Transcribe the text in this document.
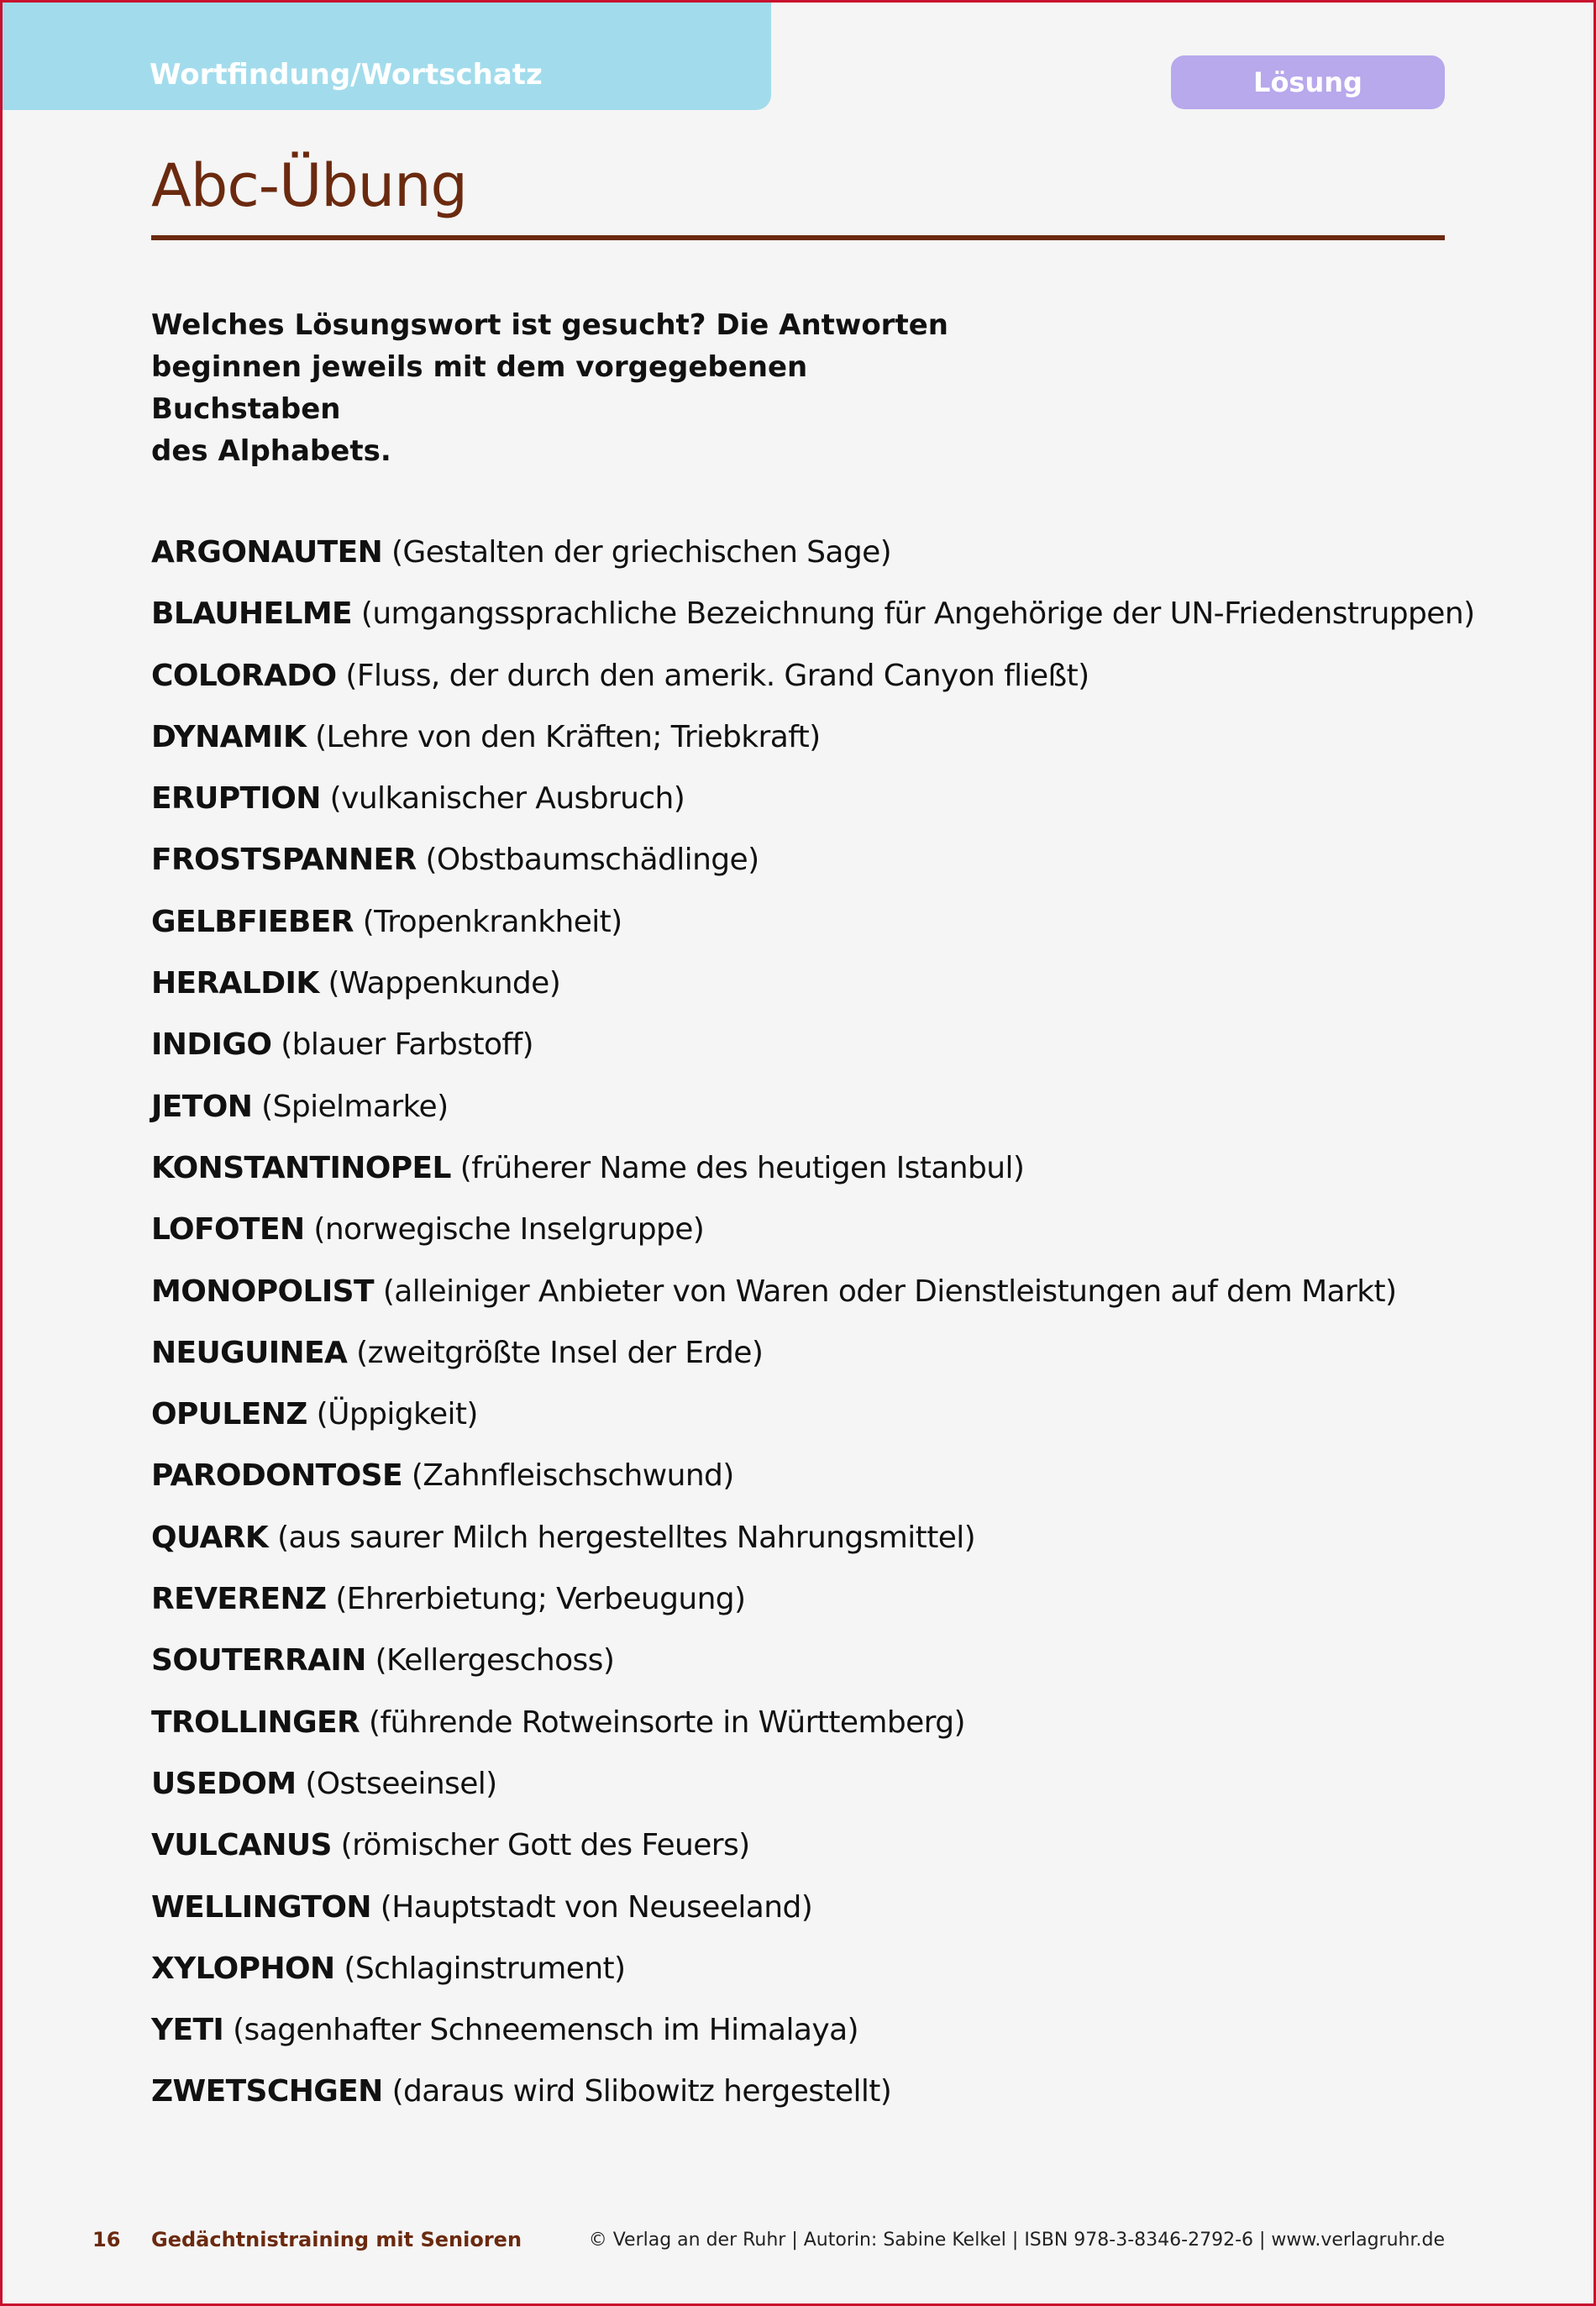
Wortfindung/Wortschatz	Lösung
Abc-Übung

Welches Lösungswort ist gesucht? Die Antworten
beginnen jeweils mit dem vorgegebenen Buchstaben
des Alphabets.

ARGONAUTEN (Gestalten der griechischen Sage)
BLAUHELME (umgangssprachliche Bezeichnung für Angehörige der UN-Friedenstruppen)
COLORADO (Fluss, der durch den amerik. Grand Canyon fließt)
DYNAMIK (Lehre von den Kräften; Triebkraft)
ERUPTION (vulkanischer Ausbruch)
FROSTSPANNER (Obstbaumschädlinge)
GELBFIEBER (Tropenkrankheit)
HERALDIK (Wappenkunde)
INDIGO (blauer Farbstoff)
JETON (Spielmarke)
KONSTANTINOPEL (früherer Name des heutigen Istanbul)
LOFOTEN (norwegische Inselgruppe)
MONOPOLIST (alleiniger Anbieter von Waren oder Dienstleistungen auf dem Markt)
NEUGUINEA (zweitgrößte Insel der Erde)
OPULENZ (Üppigkeit)
PARODONTOSE (Zahnfleischschwund)
QUARK (aus saurer Milch hergestelltes Nahrungsmittel)
REVERENZ (Ehrerbietung; Verbeugung)
SOUTERRAIN (Kellergeschoss)
TROLLINGER (führende Rotweinsorte in Württemberg)
USEDOM (Ostseeinsel)
VULCANUS (römischer Gott des Feuers)
WELLINGTON (Hauptstadt von Neuseeland)
XYLOPHON (Schlaginstrument)
YETI (sagenhafter Schneemensch im Himalaya)
ZWETSCHGEN (daraus wird Slibowitz hergestellt)
16 Gedächtnistraining mit Senioren	© Verlag an der Ruhr | Autorin: Sabine Kelkel | ISBN 978-3-8346-2792-6 | www.verlagruhr.de
